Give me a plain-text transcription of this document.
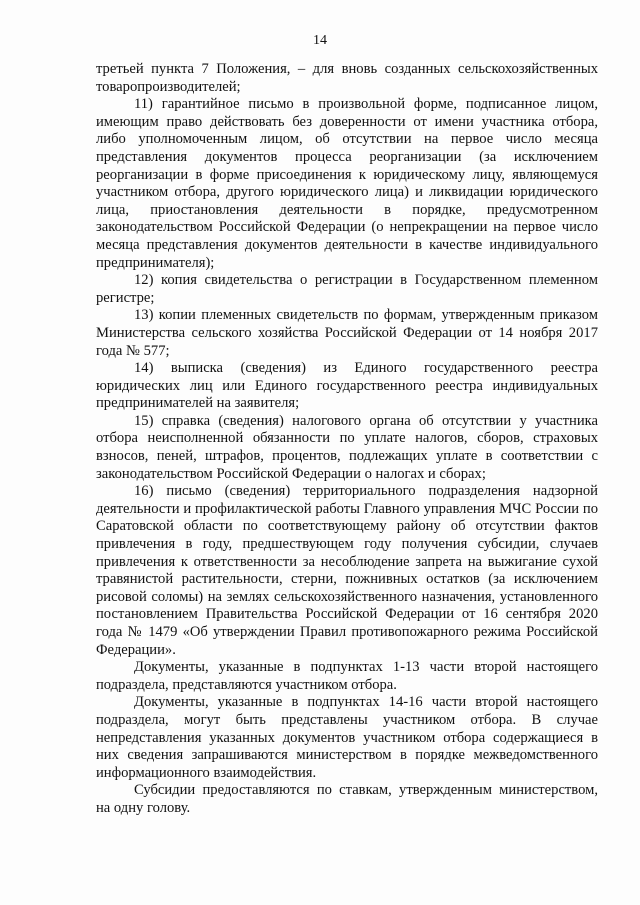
14

третьей пункта 7 Положения, – для вновь созданных сельскохозяйственных товаропроизводителей;

11) гарантийное письмо в произвольной форме, подписанное лицом, имеющим право действовать без доверенности от имени участника отбора, либо уполномоченным лицом, об отсутствии на первое число месяца представления документов процесса реорганизации (за исключением реорганизации в форме присоединения к юридическому лицу, являющемуся участником отбора, другого юридического лица) и ликвидации юридического лица, приостановления деятельности в порядке, предусмотренном законодательством Российской Федерации (о непрекращении на первое число месяца представления документов деятельности в качестве индивидуального предпринимателя);

12) копия свидетельства о регистрации в Государственном племенном регистре;

13) копии племенных свидетельств по формам, утвержденным приказом Министерства сельского хозяйства Российской Федерации от 14 ноября 2017 года № 577;

14) выписка (сведения) из Единого государственного реестра юридических лиц или Единого государственного реестра индивидуальных предпринимателей на заявителя;

15) справка (сведения) налогового органа об отсутствии у участника отбора неисполненной обязанности по уплате налогов, сборов, страховых взносов, пеней, штрафов, процентов, подлежащих уплате в соответствии с законодательством Российской Федерации о налогах и сборах;

16) письмо (сведения) территориального подразделения надзорной деятельности и профилактической работы Главного управления МЧС России по Саратовской области по соответствующему району об отсутствии фактов привлечения в году, предшествующем году получения субсидии, случаев привлечения к ответственности за несоблюдение запрета на выжигание сухой травянистой растительности, стерни, пожнивных остатков (за исключением рисовой соломы) на землях сельскохозяйственного назначения, установленного постановлением Правительства Российской Федерации от 16 сентября 2020 года № 1479 «Об утверждении Правил противопожарного режима Российской Федерации».

Документы, указанные в подпунктах 1-13 части второй настоящего подраздела, представляются участником отбора.

Документы, указанные в подпунктах 14-16 части второй настоящего подраздела, могут быть представлены участником отбора. В случае непредставления указанных документов участником отбора содержащиеся в них сведения запрашиваются министерством в порядке межведомственного информационного взаимодействия.

Субсидии предоставляются по ставкам, утвержденным министерством, на одну голову.
